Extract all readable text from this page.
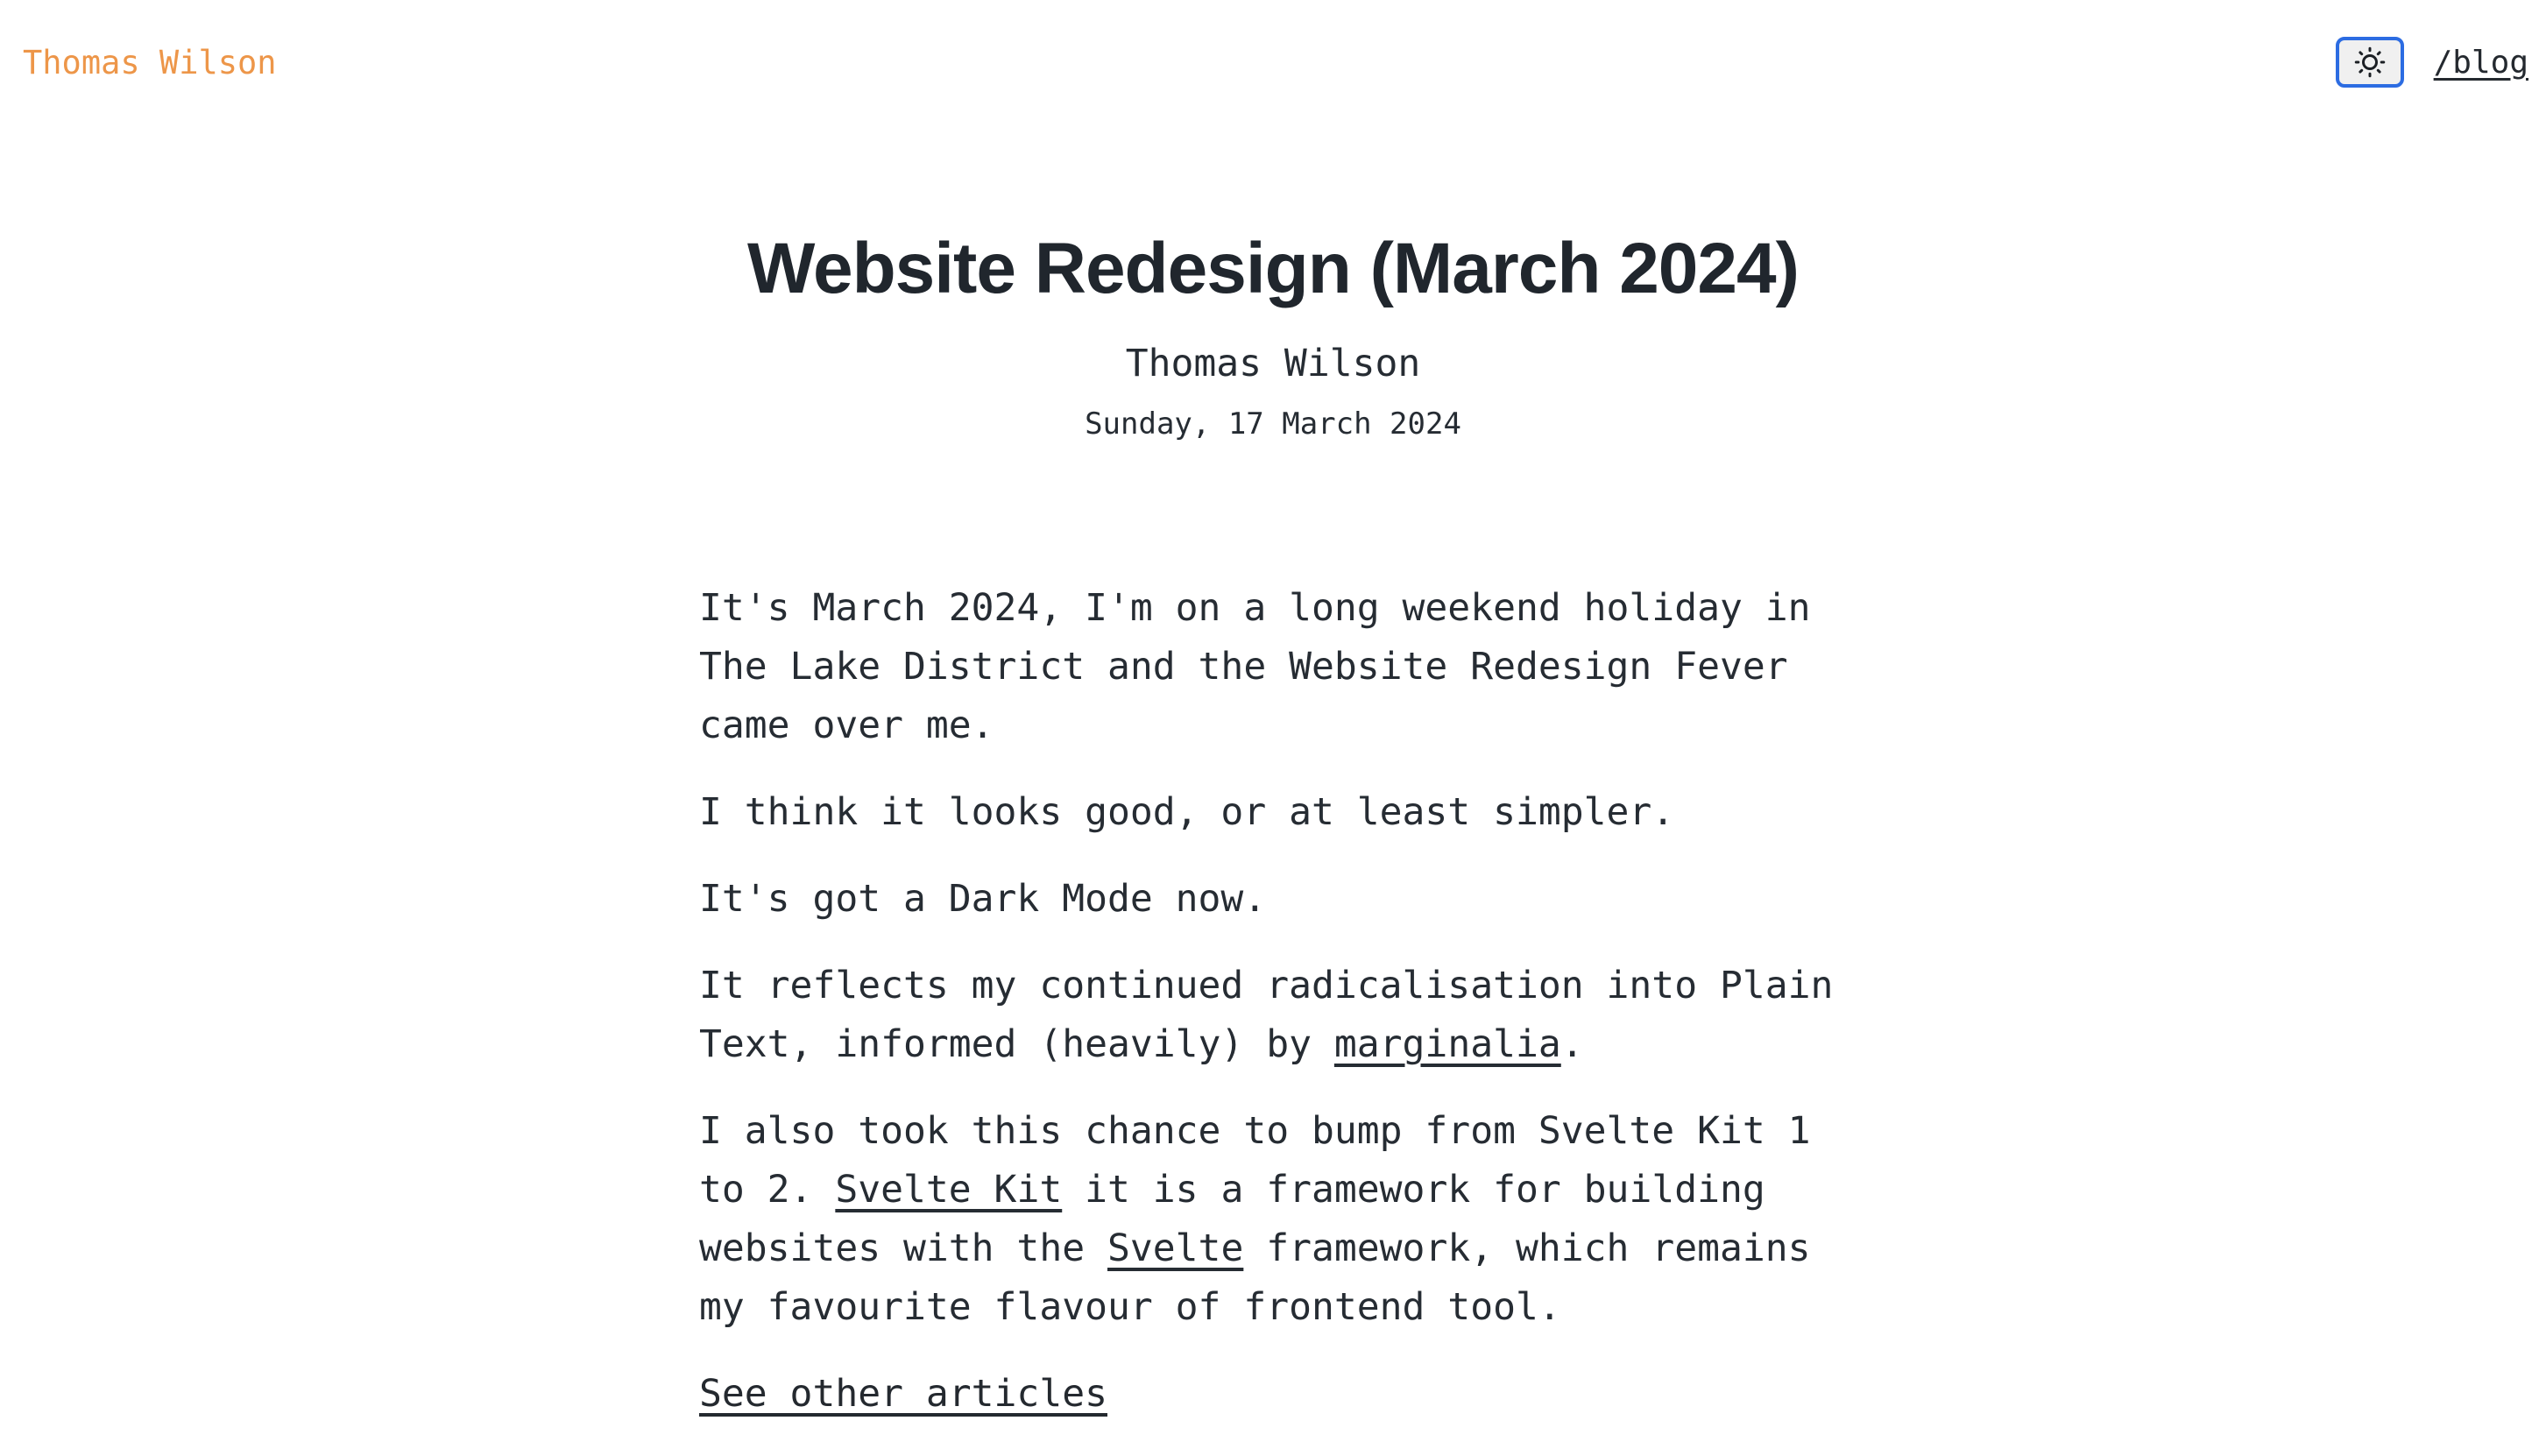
Thomas Wilson	/blog
Website Redesign (March 2024)
Thomas Wilson
Sunday, 17 March 2024

It's March 2024, I'm on a long weekend holiday in The Lake District and the Website Redesign Fever came over me.

I think it looks good, or at least simpler.

It's got a Dark Mode now.

It reflects my continued radicalisation into Plain Text, informed (heavily) by marginalia.

I also took this chance to bump from Svelte Kit 1 to 2. Svelte Kit it is a framework for building websites with the Svelte framework, which remains my favourite flavour of frontend tool.

See other articles
